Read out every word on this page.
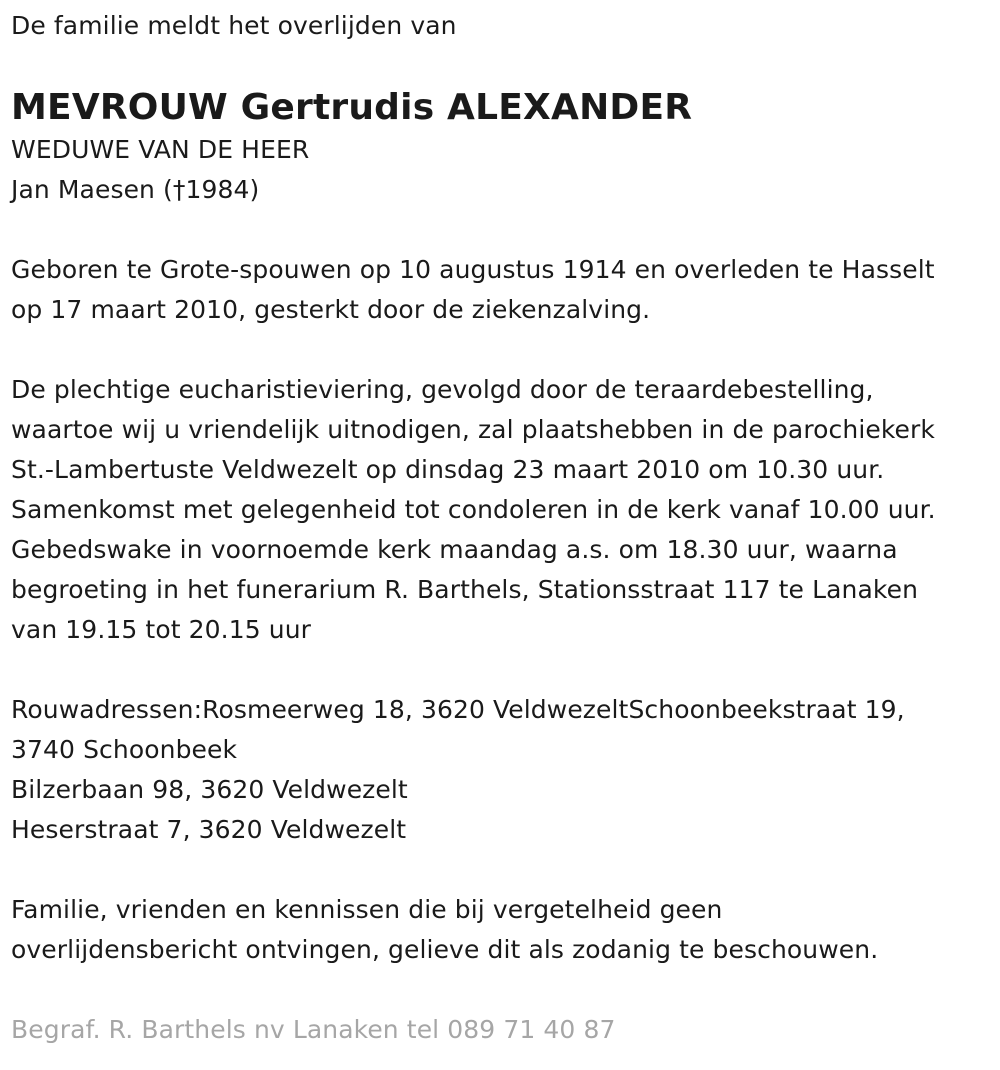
De familie meldt het overlijden van
MEVROUW Gertrudis ALEXANDER
WEDUWE VAN DE HEER
Jan Maesen (†1984)
Geboren te Grote-spouwen op 10 augustus 1914 en overleden te Hasselt
op 17 maart 2010, gesterkt door de ziekenzalving.
De plechtige eucharistieviering, gevolgd door de teraardebestelling,
waartoe wij u vriendelijk uitnodigen, zal plaatshebben in de parochiekerk
St.-Lambertuste Veldwezelt op dinsdag 23 maart 2010 om 10.30 uur.
Samenkomst met gelegenheid tot condoleren in de kerk vanaf 10.00 uur.
Gebedswake in voornoemde kerk maandag a.s. om 18.30 uur, waarna
begroeting in het funerarium R. Barthels, Stationsstraat 117 te Lanaken
van 19.15 tot 20.15 uur
Rouwadressen:Rosmeerweg 18, 3620 VeldwezeltSchoonbeekstraat 19,
3740 Schoonbeek
Bilzerbaan 98, 3620 Veldwezelt
Heserstraat 7, 3620 Veldwezelt
Familie, vrienden en kennissen die bij vergetelheid geen
overlijdensbericht ontvingen, gelieve dit als zodanig te beschouwen.
Begraf. R. Barthels nv Lanaken tel 089 71 40 87
